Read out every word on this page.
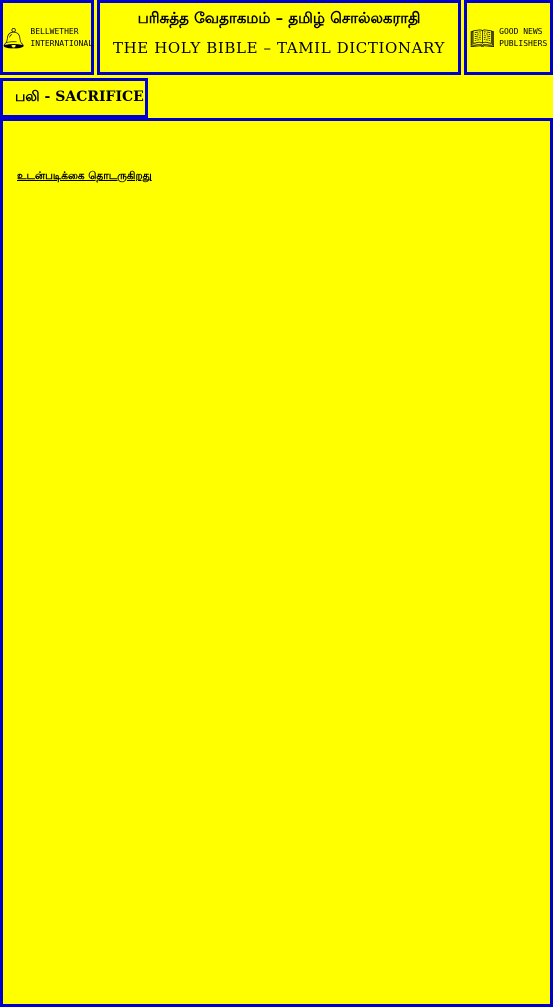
🔔︎ BELLWETHER INTERNATIONAL
பரிசுத்த வேதாகமம் – தமிழ் சொல்லகராதி
THE HOLY BIBLE – TAMIL DICTIONARY	📖︎ GOOD NEWS PUBLISHERS
பலி - SACRIFICE

உடன்படிக்கை தொடருகிறது
